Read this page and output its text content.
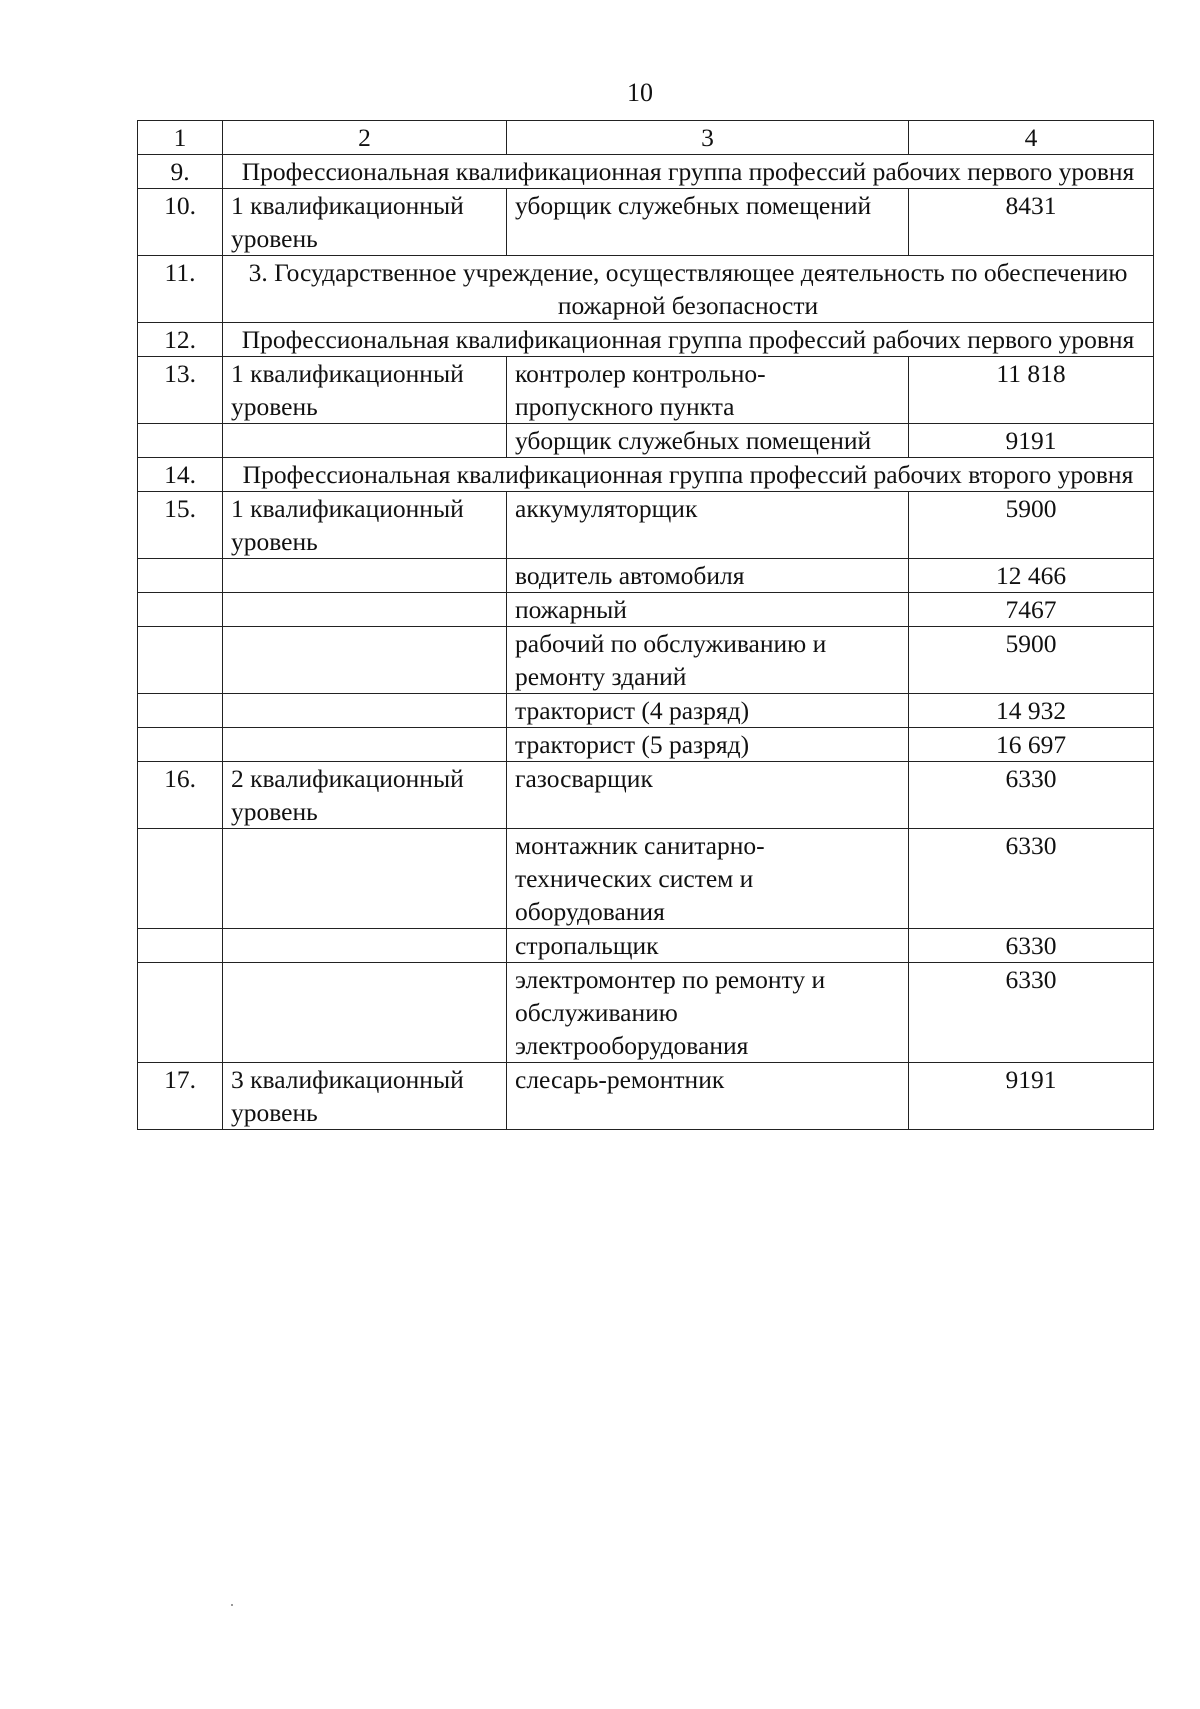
10
1	2	3	4
9.	Профессиональная квалификационная группа профессий рабочих первого уровня		
10.	1 квалификационный уровень	уборщик служебных помещений	8431
11.	3. Государственное учреждение, осуществляющее деятельность по обеспечению пожарной безопасности		
12.	Профессиональная квалификационная группа профессий рабочих первого уровня		
13.	1 квалификационный уровень	контролер контрольно-пропускного пункта	11 818
		уборщик служебных помещений	9191
14.	Профессиональная квалификационная группа профессий рабочих второго уровня		
15.	1 квалификационный уровень	аккумуляторщик	5900
		водитель автомобиля	12 466
		пожарный	7467
		рабочий по обслуживанию и ремонту зданий	5900
		тракторист (4 разряд)	14 932
		тракторист (5 разряд)	16 697
16.	2 квалификационный уровень	газосварщик	6330
		монтажник санитарно-технических систем и оборудования	6330
		стропальщик	6330
		электромонтер по ремонту и обслуживанию электрооборудования	6330
17.	3 квалификационный уровень	слесарь-ремонтник	9191
